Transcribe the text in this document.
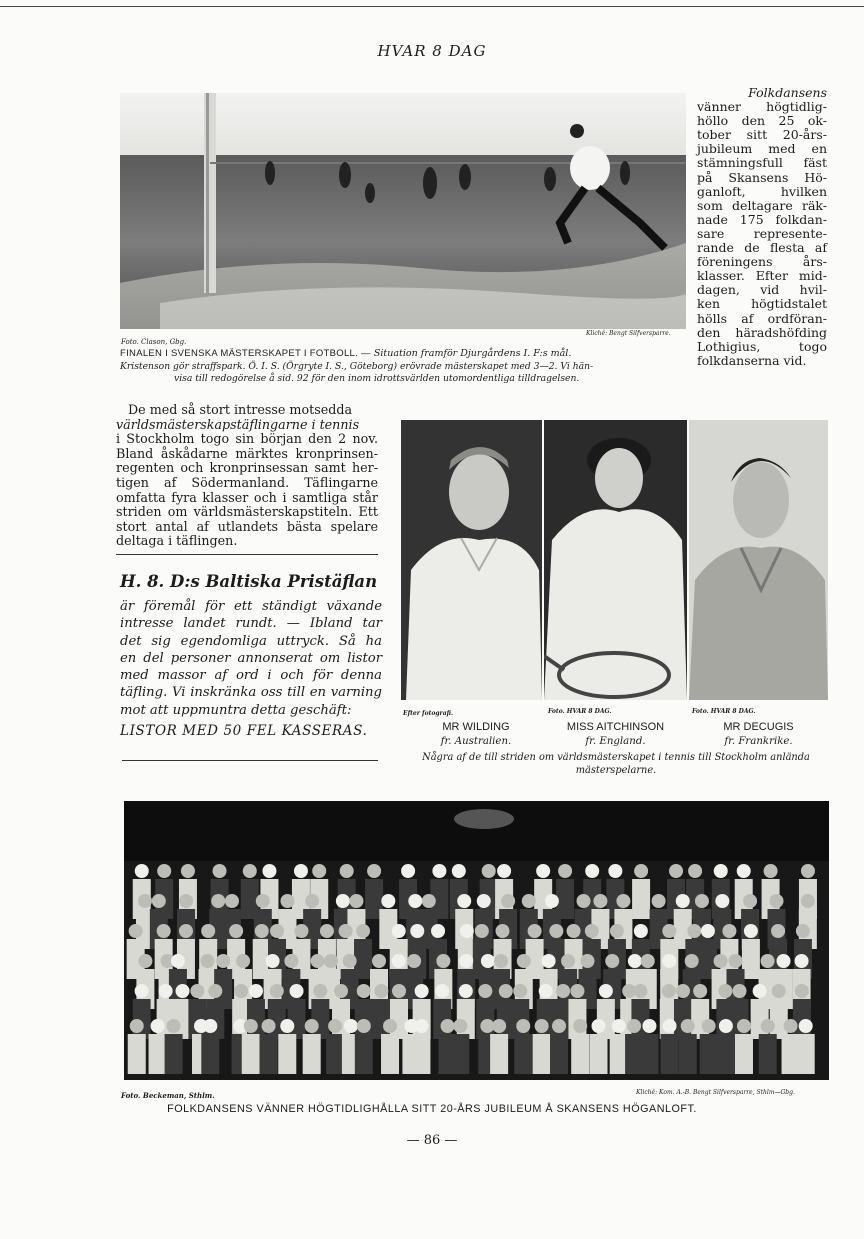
HVAR 8 DAG
Foto. Clason, Gbg.
Klichê: Bengt Silfversparre.
FINALEN I SVENSKA MÄSTERSKAPET I FOTBOLL. — Situation framför Djurgårdens I. F:s mål.
Kristenson gör straffspark. Ö. I. S. (Örgryte I. S., Göteborg) erövrade mästerskapet med 3—2. Vi hän-
visa till redogörelse å sid. 92 för den inom idrottsvärlden utomordentliga tilldragelsen.

Folkdansens

vänner högtidlig-

höllo den 25 ok-

tober sitt 20-års-

jubileum med en

stämningsfull fäst

på Skansens Hö-

ganloft, hvilken

som deltagare räk-

nade 175 folkdan-

sare represente-

rande de flesta af

föreningens års-

klasser. Efter mid-

dagen, vid hvil-

ken högtidstalet

hölls af ordföran-

den häradshöfding

Lothigius, togo

folkdanserna vid.

De med så stort intresse motsedda

världsmästerskapstäflingarne i tennis
i Stockholm togo sin början den 2 nov. Bland åskådarne märktes kronprinsen-regenten och kronprinsessan samt her-tigen af Södermanland. Täflingarne omfatta fyra klasser och i samtliga står striden om världsmästerskapstiteln. Ett stort antal af utlandets bästa spelare deltaga i täflingen.
H. 8. D:s Baltiska Pristäflan

är föremål för ett ständigt växande

intresse landet rundt. — Ibland tar

det sig egendomliga uttryck. Så ha

en del personer annonserat om listor

med massor af ord i och för denna

täfling. Vi inskränka oss till en varning

mot att uppmuntra detta geschäft:

LISTOR MED 50 FEL KASSERAS.
Efter fotografi.	Foto. HVAR 8 DAG.	Foto. HVAR 8 DAG.
MR WILDING	MISS AITCHINSON	MR DECUGIS
fr. Australien.	fr. England.	fr. Frankrike.
Några af de till striden om världsmästerskapet i tennis till Stockholm anlända
mästerspelarne.
Foto. Beckeman, Sthlm.	Klichê: Kom. A.-B. Bengt Silfversparre, Sthlm—Gbg.
FOLKDANSENS VÄNNER HÖGTIDLIGHÅLLA SITT 20-ÅRS JUBILEUM Å SKANSENS HÖGANLOFT.
— 86 —
